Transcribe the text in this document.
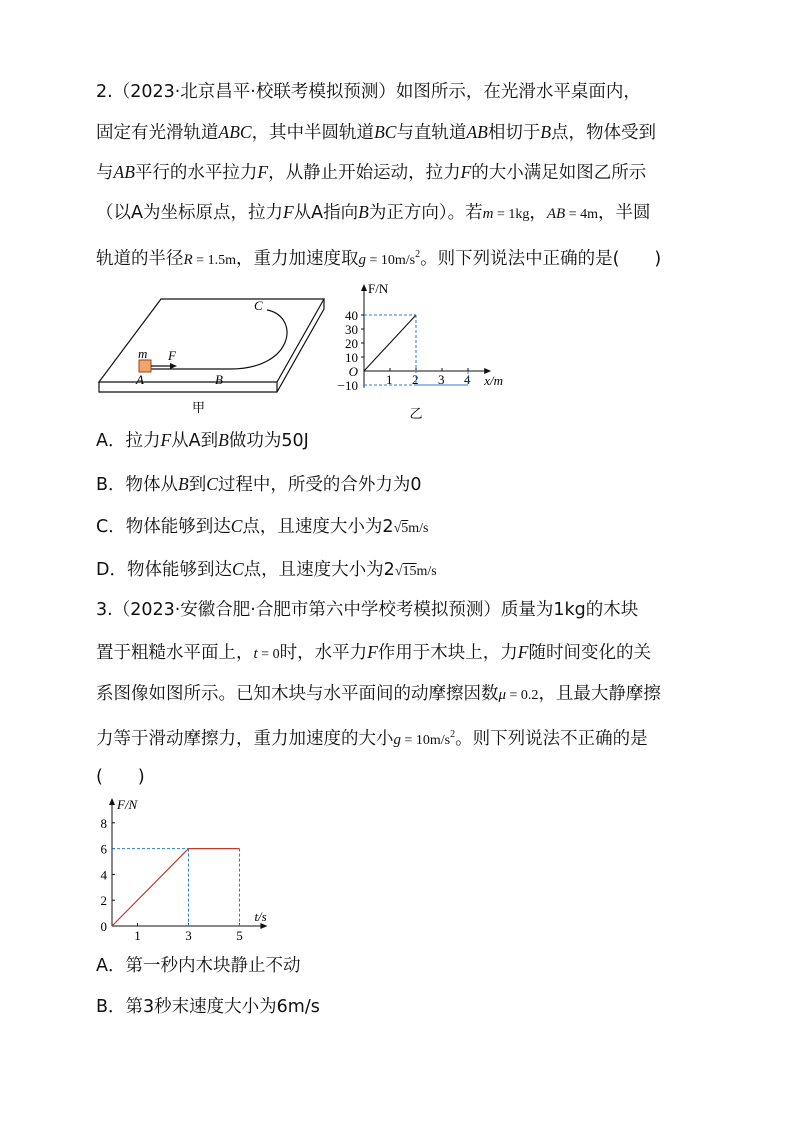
2.（2023·北京昌平·校联考模拟预测）如图所示，在光滑水平桌面内，
固定有光滑轨道ABC，其中半圆轨道BC与直轨道AB相切于B点，物体受到
与AB平行的水平拉力F，从静止开始运动，拉力F的大小满足如图乙所示
（以A为坐标原点，拉力F从A指向B为正方向）。若m = 1kg，AB = 4m，半圆
轨道的半径R = 1.5m，重力加速度取$g = 10m/s^2$。则下列说法中正确的是(　　)
m F
A	B
C
甲
40
30
20
10
O
−10 1 2 3 4
F/N
x/m
乙
A．拉力F从A到B做功为50J
B．物体从B到C过程中，所受的合外力为0
C．物体能够到达C点，且速度大小为2√5m/s
D．物体能够到达C点，且速度大小为2√15m/s
3.（2023·安徽合肥·合肥市第六中学校考模拟预测）质量为1kg的木块
置于粗糙水平面上，t = 0时，水平力F作用于木块上，力F随时间变化的关
系图像如图所示。已知木块与水平面间的动摩擦因数μ = 0.2，且最大静摩擦
力等于滑动摩擦力，重力加速度的大小$g = 10m/s^2$。则下列说法不正确的是
(　　)
8
6
4
2
0
1	3	5
F/N
t/s
A．第一秒内木块静止不动
B．第3秒末速度大小为6m/s
